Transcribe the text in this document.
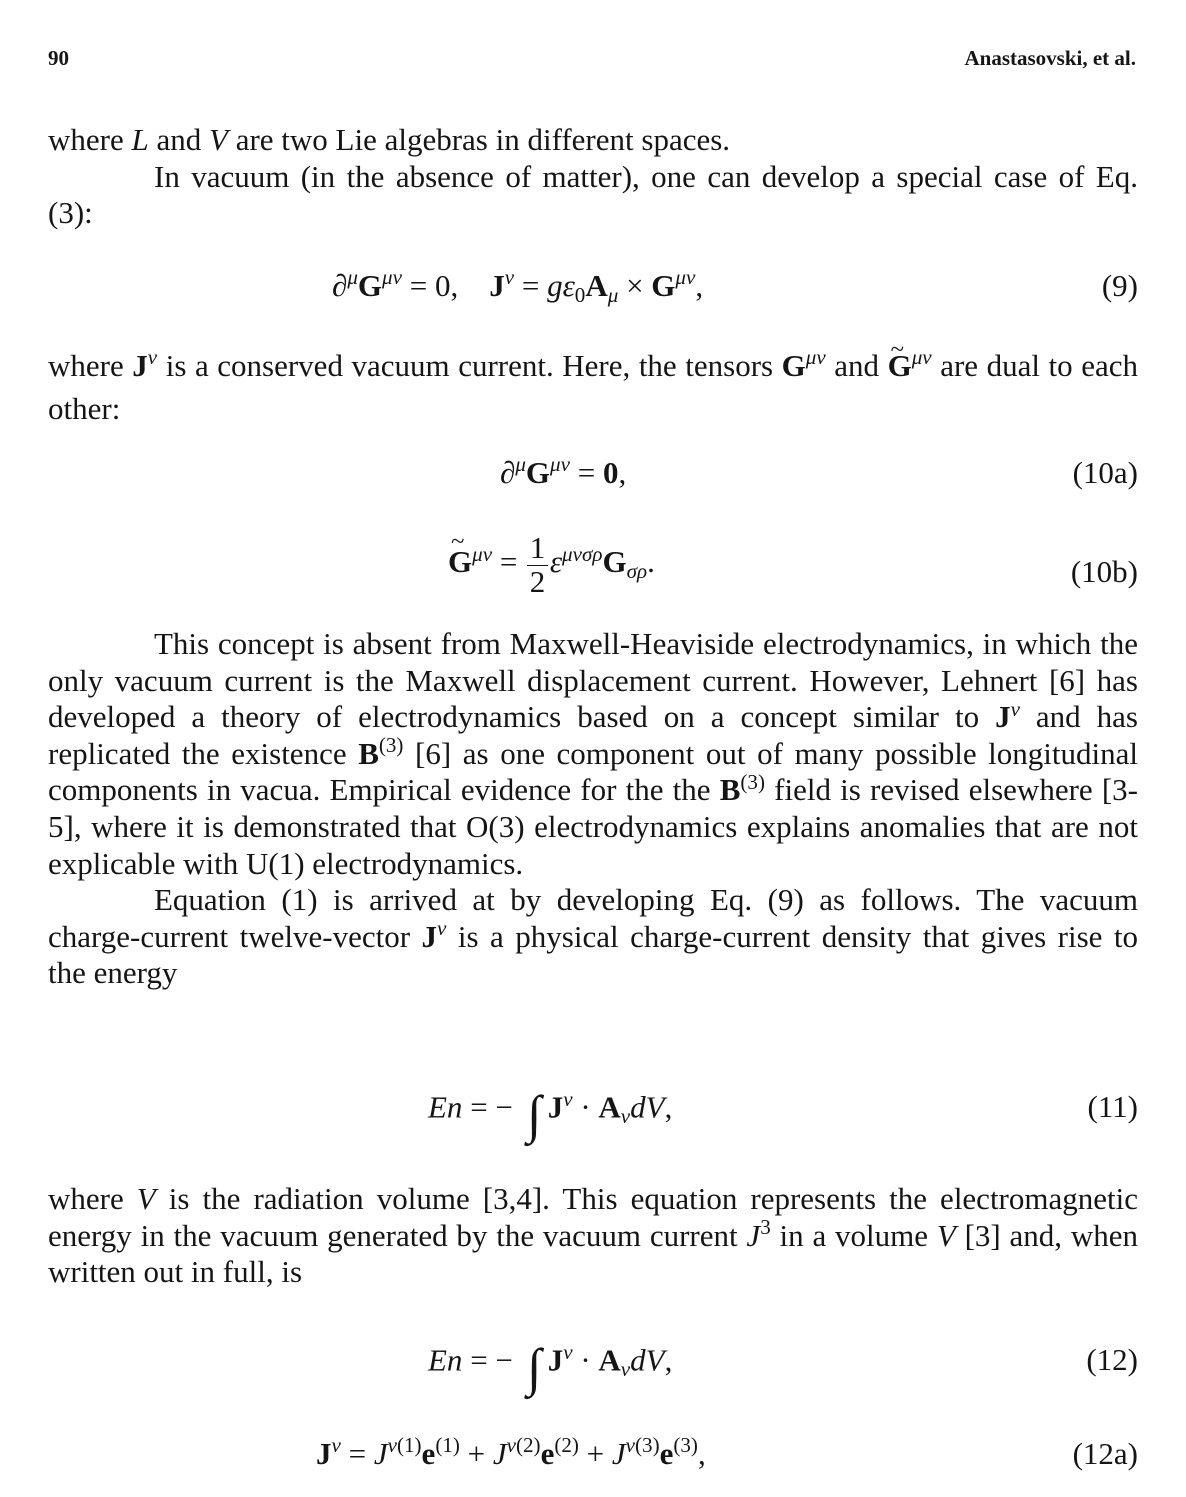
90	Anastasovski, et al.

where L and V are two Lie algebras in different spaces.

In vacuum (in the absence of matter), one can develop a special case of Eq. (3):

$\partial^\mu G^{\mu\nu} = 0$,    $J^\nu = g\varepsilon_0A_\mu \times G^{\mu\nu}$,	(9)

where $J^\nu$ is a conserved vacuum current. Here, the tensors $G^{\mu\nu}$ and ~ $G^{\mu\nu}$ are dual to each other:

$\partial^\mu G^{\mu\nu} = 0$,	(10a)
~ $G^{\mu\nu} = \frac{1}{2} \varepsilon^{\mu\nu\sigma\rho}G_{\sigma\rho}$.	(10b)

This concept is absent from Maxwell-Heaviside electrodynamics, in which the only vacuum current is the Maxwell displacement current. However, Lehnert [6] has developed a theory of electrodynamics based on a concept similar to $J^\nu$ and has replicated the existence $B^{(3)}$ [6] as one component out of many possible longitudinal components in vacua. Empirical evidence for the the $B^{(3)}$ field is revised elsewhere [3-5], where it is demonstrated that O(3) electrodynamics explains anomalies that are not explicable with U(1) electrodynamics.

Equation (1) is arrived at by developing Eq. (9) as follows. The vacuum charge-current twelve-vector $J^\nu$ is a physical charge-current density that gives rise to the energy

En = − ∫ $J^\nu \cdot A_\nu dV$,	(11)

where V is the radiation volume [3,4]. This equation represents the electromagnetic energy in the vacuum generated by the vacuum current $J^3$ in a volume V [3] and, when written out in full, is

En = − ∫ $J^\nu \cdot A_\nu dV$,	(12)
$J^\nu = J^{\nu(1)}e^{(1)} + J^{\nu(2)}e^{(2)} + J^{\nu(3)}e^{(3)}$,	(12a)
